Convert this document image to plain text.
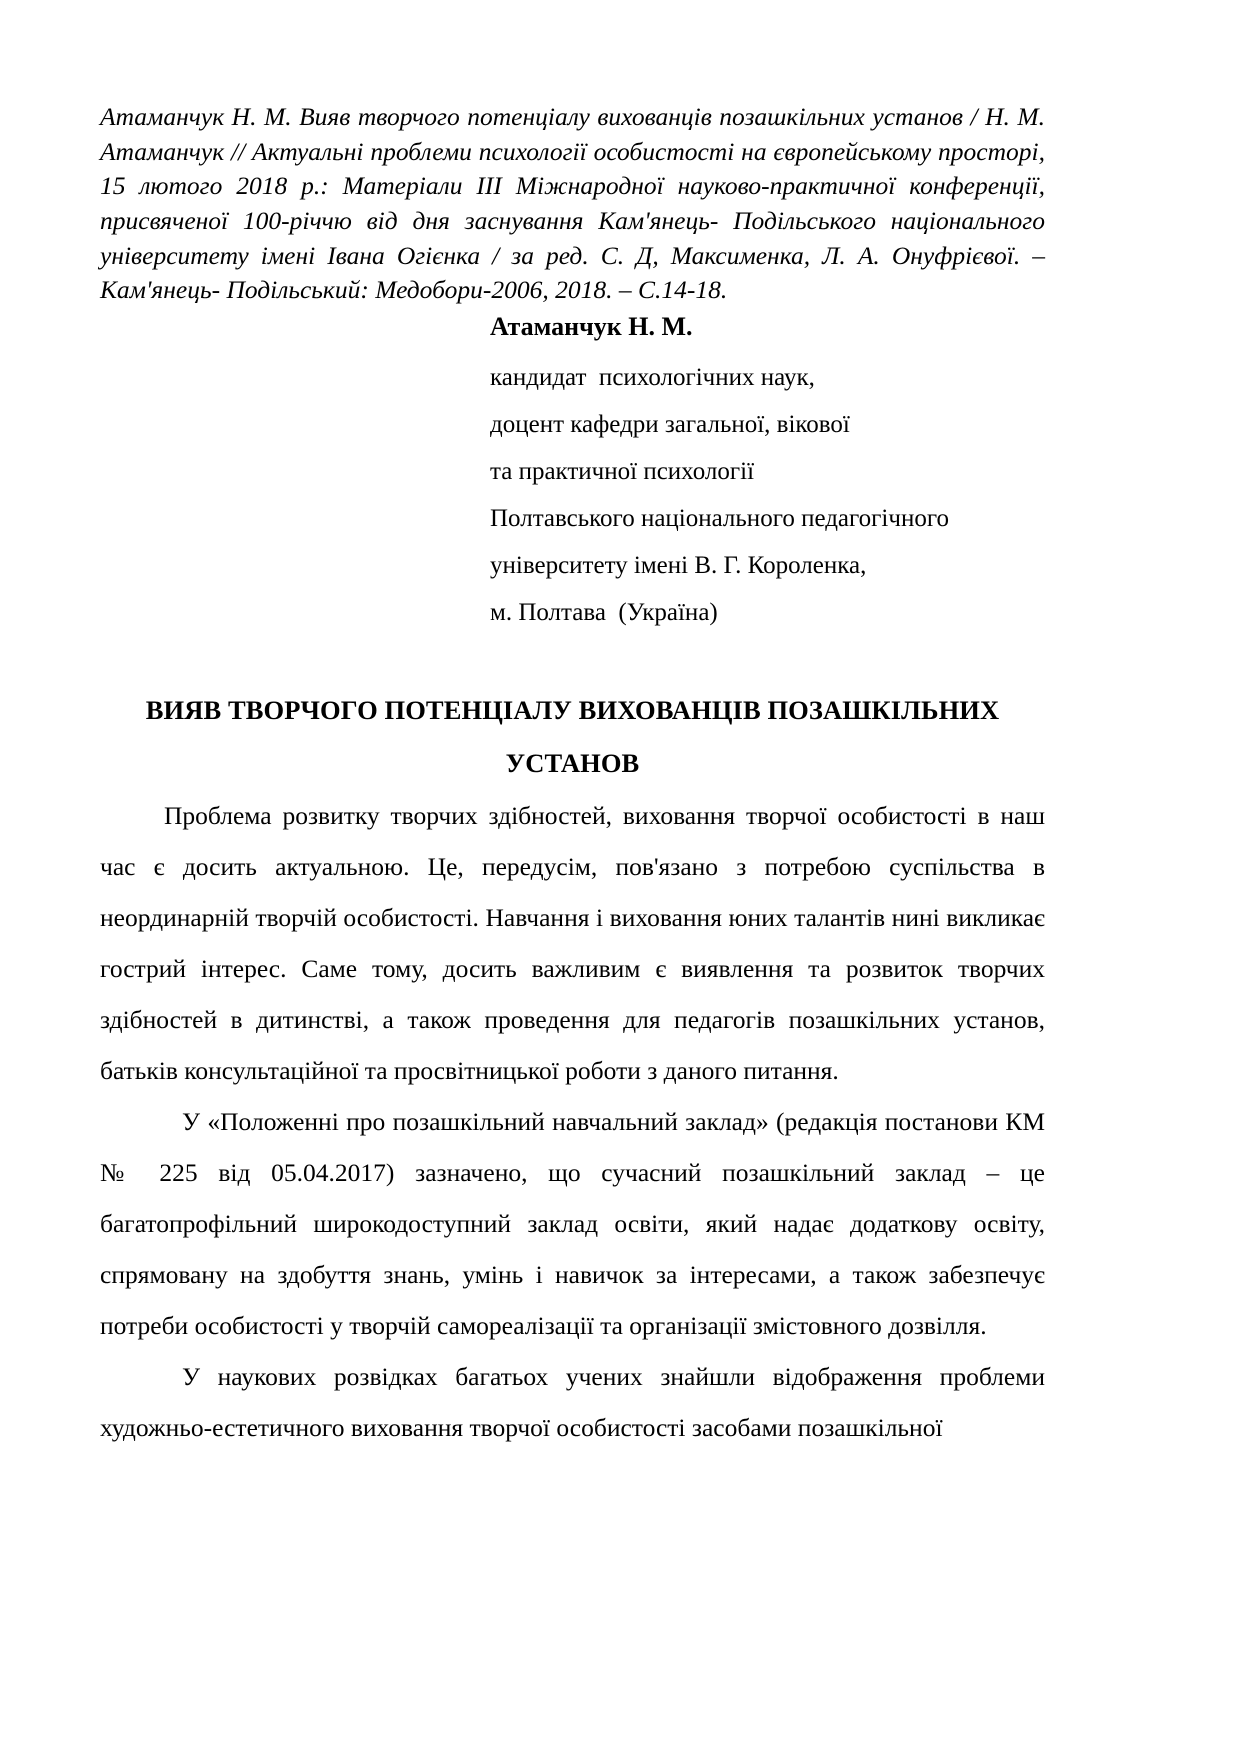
Атаманчук Н. М. Вияв творчого потенціалу вихованців позашкільних установ / Н. М. Атаманчук // Актуальні проблеми психології особистості на європейському просторі, 15 лютого 2018 р.: Матеріали III Міжнародної науково-практичної конференції, присвяченої 100-річчю від дня заснування Кам'янець- Подільського національного університету імені Івана Огієнка / за ред. С. Д, Максименка, Л. А. Онуфрієвої. – Кам'янець- Подільський: Медобори-2006, 2018. – С.14-18.

Атаманчук Н. М.
кандидат  психологічних наук,
доцент кафедри загальної, вікової
та практичної психології
Полтавського національного педагогічного
університету імені В. Г. Короленка,
м. Полтава  (Україна)
ВИЯВ ТВОРЧОГО ПОТЕНЦІАЛУ ВИХОВАНЦІВ ПОЗАШКІЛЬНИХ
УСТАНОВ

Проблема розвитку творчих здібностей, виховання творчої особистості в наш час є досить актуальною. Це, передусім, пов'язано з потребою суспільства в неординарній творчій особистості. Навчання і виховання юних талантів нині викликає гострий інтерес. Саме тому, досить важливим є виявлення та розвиток творчих здібностей в дитинстві, а також проведення для педагогів позашкільних установ, батьків консультаційної та просвітницької роботи з даного питання.

У «Положенні про позашкільний навчальний заклад» (редакція постанови КМ № 225 від 05.04.2017) зазначено, що сучасний позашкільний заклад – це багатопрофільний широкодоступний заклад освіти, який надає додаткову освіту, спрямовану на здобуття знань, умінь і навичок за інтересами, а також забезпечує потреби особистості у творчій самореалізації та організації змістовного дозвілля.

У наукових розвідках багатьох учених знайшли відображення проблеми художньо-естетичного виховання творчої особистості засобами позашкільної
